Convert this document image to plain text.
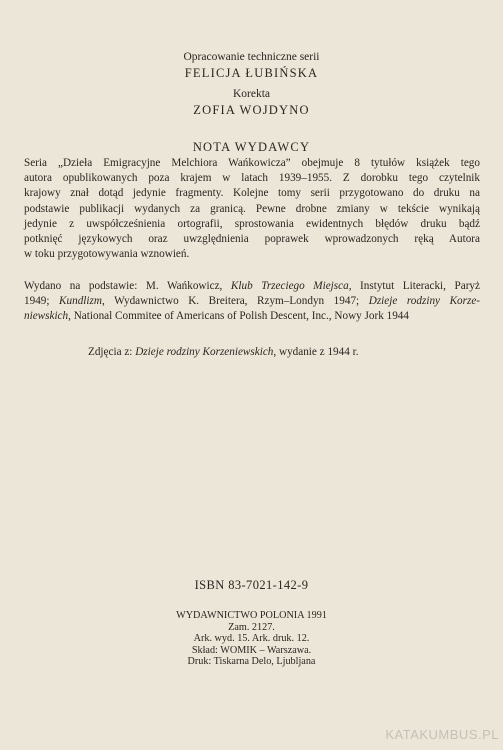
Opracowanie techniczne serii
FELICJA ŁUBIŃSKA
Korekta
ZOFIA WOJDYNO
NOTA WYDAWCY
Seria „Dzieła Emigracyjne Melchiora Wańkowicza” obejmuje 8 tytułów książek tego
autora opublikowanych poza krajem w latach 1939–1955. Z dorobku tego czytelnik
krajowy znał dotąd jedynie fragmenty. Kolejne tomy serii przygotowano do druku na
podstawie publikacji wydanych za granicą. Pewne drobne zmiany w tekście wynikają
jedynie z uwspółcześnienia ortografii, sprostowania ewidentnych błędów druku bądź
potknięć językowych oraz uwzględnienia poprawek wprowadzonych ręką Autora
w toku przygotowywania wznowień.
Wydano na podstawie: M. Wańkowicz, Klub Trzeciego Miejsca, Instytut Literacki, Paryż
1949; Kundlizm, Wydawnictwo K. Breitera, Rzym–Londyn 1947; Dzieje rodziny Korze-
niewskich, National Commitee of Americans of Polish Descent, Inc., Nowy Jork 1944
Zdjęcia z: Dzieje rodziny Korzeniewskich, wydanie z 1944 r.
ISBN 83-7021-142-9
WYDAWNICTWO POLONIA 1991
Zam. 2127.
Ark. wyd. 15. Ark. druk. 12.
Skład: WOMIK – Warszawa.
Druk: Tiskarna Delo, Ljubljana
KATAKUMBUS.PL
